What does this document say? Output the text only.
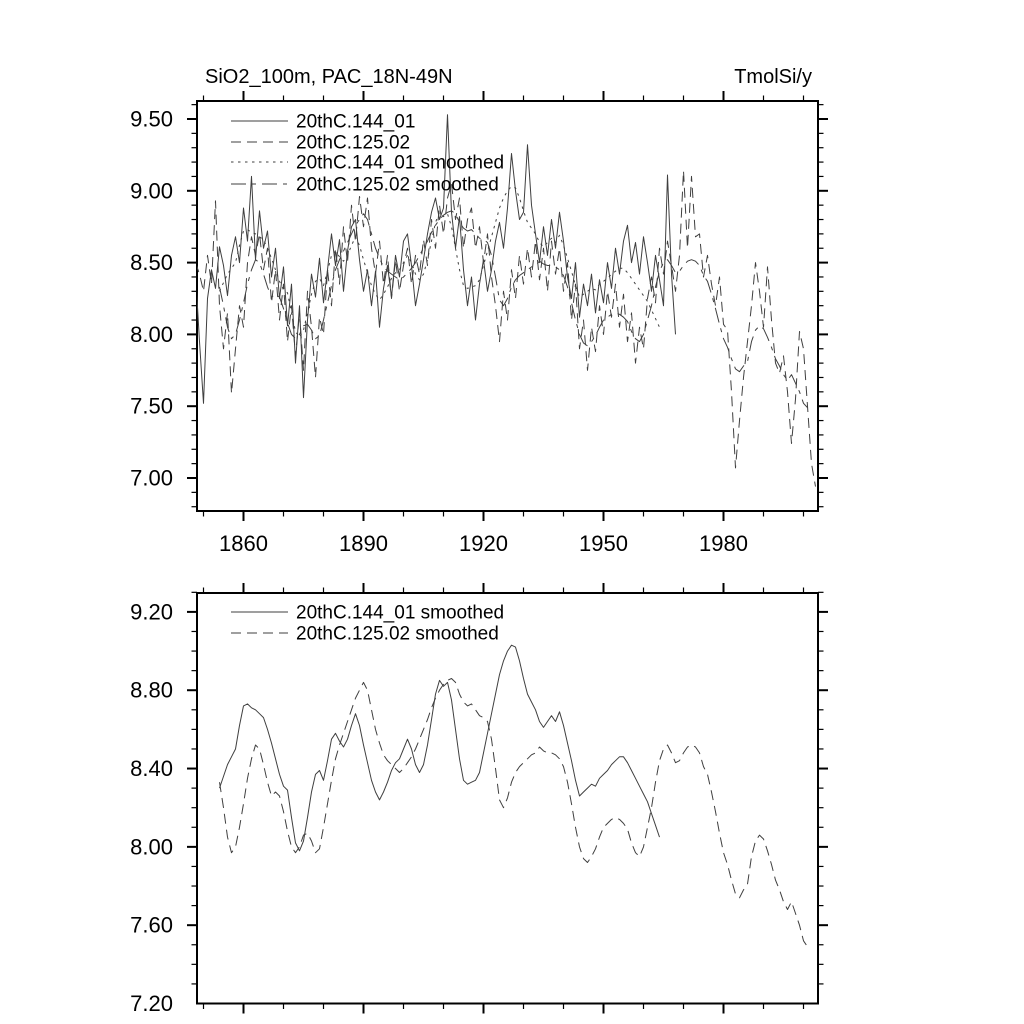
SiO2_100m, PAC_18N-49N	TmolSi/y
1860	1890	1920	1950	1980
7.00
7.50
8.00
8.50
9.00
9.50	20thC.144_01
20thC.125.02
20thC.144_01 smoothed
20thC.125.02 smoothed
7.20
7.60
8.00
8.40
8.80
9.20	20thC.144_01 smoothed
20thC.125.02 smoothed
